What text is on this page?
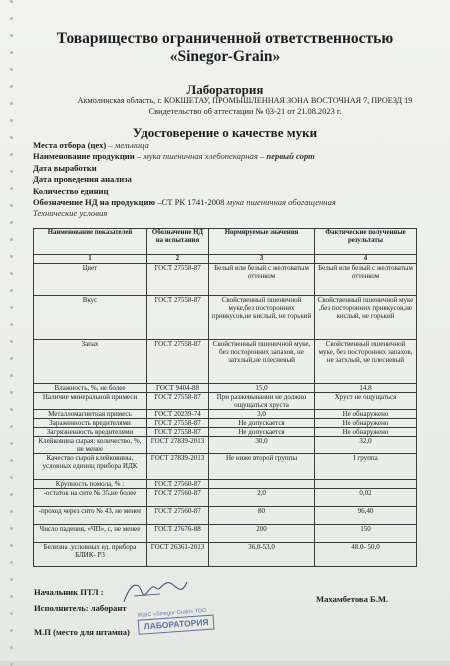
Товарищество ограниченной ответственностью
«Sinegor-Grain»
Лаборатория
Акмолинская область, г. КОКШЕТАУ, ПРОМЫШЛЕННАЯ ЗОНА ВОСТОЧНАЯ 7, ПРОЕЗД 19
Свидетельство об аттестации № 03-21 от 21.08.2023 г.
Удостоверение о качестве муки
Места отбора (цех) – мельница
Наименование продукции – мука пшеничная хлебопекарная – первый сорт
Дата выработки
Дата проведения анализа
Количество единиц
Обозначение НД на продукцию –СТ РК 1741-2008 мука пшеничная обогащенная
Технические условия
Наименование показателей	Обозначение НД на испытания	Нормируемые значения	Фактические полученные результаты
1	2	3	4
Цвет	ГОСТ 27558-87	Белый или белый с желтоватым оттенком	Белый или белый с желтоватым оттенком
Вкус	ГОСТ 27558-87	Свойственный пшеничной муке,без посторонних привкусов,не кислый, не горький	Свойственный пшеничной муке ,без посторонних привкусов,не кислый, не горький
Запах	ГОСТ 27558-87	Свойственный пшеничной муке, без посторонних запахов, не затхлый,не плесневый	Свойственный пшеничной муке, без посторонних запахов, не затхлый, не плесневый
Влажность, %, не более	ГОСТ 9404-88	15,0	14.8
Наличие минеральной примеси	ГОСТ 27558-87	При разжевывании не должно ощущаться хруста	Хруст не ощущаться
Металломагнитная примесь	ГОСТ 20239-74	3,0	Не обнаружено
Зараженность вредителями	ГОСТ 27558-87	Не допускается	Не обнаружено
Загрязненность вредителями	ГОСТ 27558-87	Не допускается	Не обнаружено
Клейковина сырая: количество, %, не менее	ГОСТ 27839-2013	30,0	32,0
Качество сырой клейковины, условных единиц прибора ИДК	ГОСТ 27839-2013	Не ниже второй группы	I группа
Крупность помола, % :	ГОСТ 27560-87		
-остаток на сите № 35,не более	ГОСТ 27560-87	2,0	0,02
-проход через сито № 43, не менее	ГОСТ 27560-87	80	96,40
Число падения, «ЧП», с, не менее	ГОСТ 27676-88	200	150
Белизна ,условных ед. прибора БЛИК- Р3	ГОСТ 26361-2013	36,0-53,0	48.0- 50,0
Начальник ПТЛ :
Махамбетова Б.М.
Исполнитель: лаборант
М.П (место для штампа)
ЖШС «Sinegor-Grain» ТОО
ЛАБОРАТОРИЯ
